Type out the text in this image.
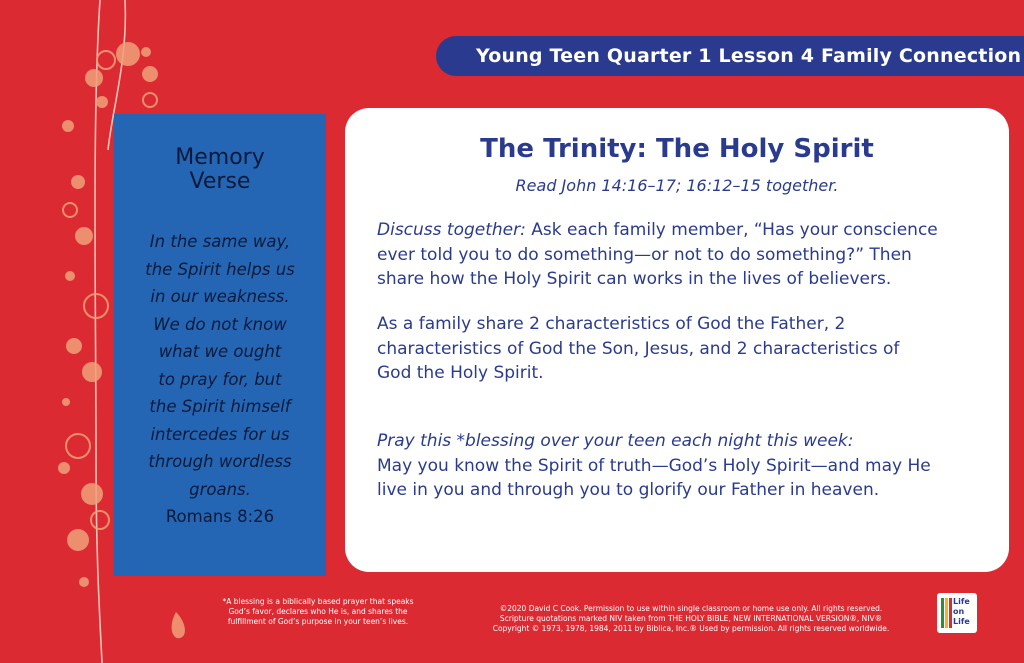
Young Teen Quarter 1 Lesson 4 Family Connection
Memory
Verse
In the same way,
the Spirit helps us
in our weakness.
We do not know
what we ought
to pray for, but
the Spirit himself
intercedes for us
through wordless
groans.
Romans 8:26
The Trinity: The Holy Spirit
Read John 14:16–17; 16:12–15 together.
Discuss together: Ask each family member, “Has your conscience
ever told you to do something—or not to do something?” Then
share how the Holy Spirit can works in the lives of believers.
As a family share 2 characteristics of God the Father, 2
characteristics of God the Son, Jesus, and 2 characteristics of
God the Holy Spirit.
Pray this *blessing over your teen each night this week:
May you know the Spirit of truth—God’s Holy Spirit—and may He
live in you and through you to glorify our Father in heaven.
*A blessing is a biblically based prayer that speaks
God’s favor, declares who He is, and shares the
fulfillment of God’s purpose in your teen’s lives.
©2020 David C Cook. Permission to use within single classroom or home use only. All rights reserved.
Scripture quotations marked NIV taken from THE HOLY BIBLE, NEW INTERNATIONAL VERSION®, NIV®
Copyright © 1973, 1978, 1984, 2011 by Biblica, Inc.® Used by permission. All rights reserved worldwide.
Life
on
Life
